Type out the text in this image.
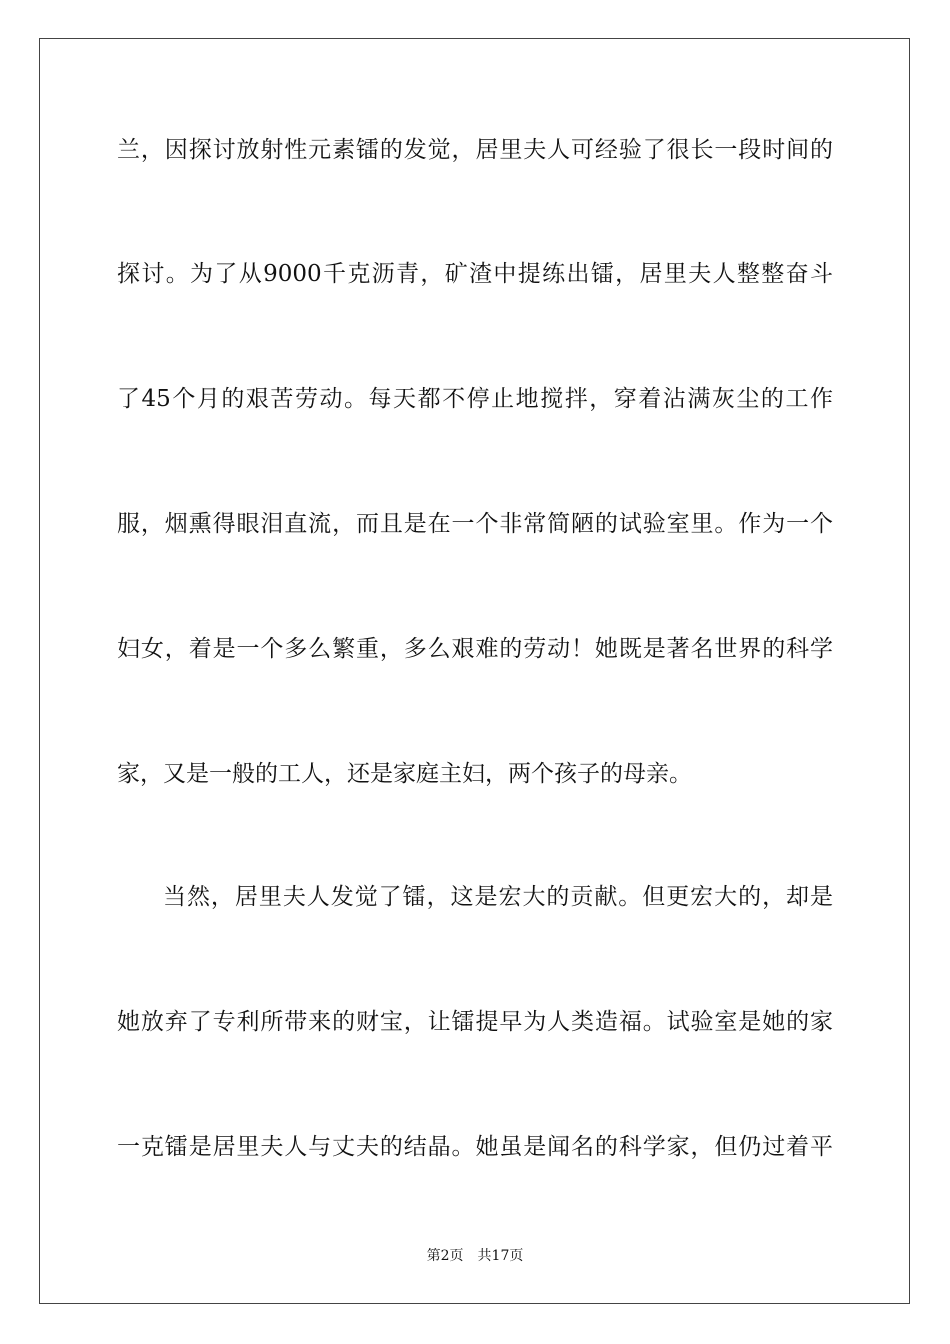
兰，因探讨放射性元素镭的发觉，居里夫人可经验了很长一段时间的
探讨。为了从9000千克沥青，矿渣中提练出镭，居里夫人整整奋斗
了45个月的艰苦劳动。每天都不停止地搅拌，穿着沾满灰尘的工作
服，烟熏得眼泪直流，而且是在一个非常简陋的试验室里。作为一个
妇女，着是一个多么繁重，多么艰难的劳动！她既是著名世界的科学
家，又是一般的工人，还是家庭主妇，两个孩子的母亲。
当然，居里夫人发觉了镭，这是宏大的贡献。但更宏大的，却是
她放弃了专利所带来的财宝，让镭提早为人类造福。试验室是她的家
一克镭是居里夫人与丈夫的结晶。她虽是闻名的科学家，但仍过着平
第2页 共17页
